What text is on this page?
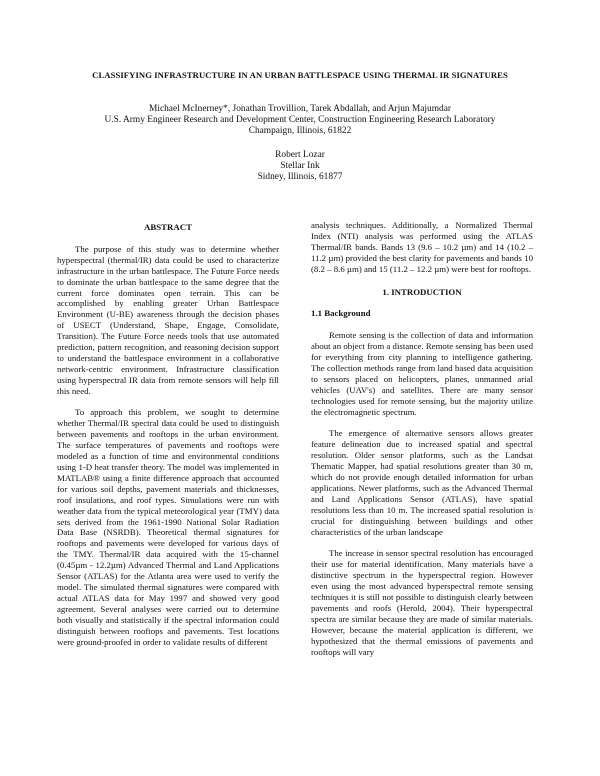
CLASSIFYING INFRASTRUCTURE IN AN URBAN BATTLESPACE USING THERMAL IR SIGNATURES
Michael McInerney*, Jonathan Trovillion, Tarek Abdallah, and Arjun Majumdar
U.S. Army Engineer Research and Development Center, Construction Engineering Research Laboratory
Champaign, Illinois, 61822
Robert Lozar
Stellar Ink
Sidney, Illinois, 61877
ABSTRACT

The purpose of this study was to determine whether hyperspectral (thermal/IR) data could be used to characterize infrastructure in the urban battlespace. The Future Force needs to dominate the urban battlespace to the same degree that the current force dominates open terrain. This can be accomplished by enabling greater Urban Battlespace Environment (U-BE) awareness through the decision phases of USECT (Understand, Shape, Engage, Consolidate, Transition). The Future Force needs tools that use automated prediction, pattern recognition, and reasoning decision support to understand the battlespace environment in a collaborative network-centric environment. Infrastructure classification using hyperspectral IR data from remote sensors will help fill this need.

To approach this problem, we sought to determine whether Thermal/IR spectral data could be used to distinguish between pavements and rooftops in the urban environment. The surface temperatures of pavements and rooftops were modeled as a function of time and environmental conditions using 1-D heat transfer theory. The model was implemented in MATLAB® using a finite difference approach that accounted for various soil depths, pavement materials and thicknesses, roof insulations, and roof types. Simulations were run with weather data from the typical meteorological year (TMY) data sets derived from the 1961-1990 National Solar Radiation Data Base (NSRDB). Theoretical thermal signatures for rooftops and pavements were developed for various days of the TMY. Thermal/IR data acquired with the 15-channel (0.45µm - 12.2µm) Advanced Thermal and Land Applications Sensor (ATLAS) for the Atlanta area were used to verify the model. The simulated thermal signatures were compared with actual ATLAS data for May 1997 and showed very good agreement. Several analyses were carried out to determine both visually and statistically if the spectral information could distinguish between rooftops and pavements. Test locations were ground-proofed in order to validate results of different

analysis techniques. Additionally, a Normalized Thermal Index (NTI) analysis was performed using the ATLAS Thermal/IR bands. Bands 13 (9.6 – 10.2 µm) and 14 (10.2 – 11.2 µm) provided the best clarity for pavements and bands 10 (8.2 – 8.6 µm) and 15 (11.2 – 12.2 µm) were best for rooftops.

1. INTRODUCTION
1.1 Background

Remote sensing is the collection of data and information about an object from a distance. Remote sensing has been used for everything from city planning to intelligence gathering. The collection methods range from land based data acquisition to sensors placed on helicopters, planes, unmanned arial vehicles (UAV's) and satellites. There are many sensor technologies used for remote sensing, but the majority utilize the electromagnetic spectrum.

The emergence of alternative sensors allows greater feature delineation due to increased spatial and spectral resolution. Older sensor platforms, such as the Landsat Thematic Mapper, had spatial resolutions greater than 30 m, which do not provide enough detailed information for urban applications. Newer platforms, such as the Advanced Thermal and Land Applications Sensor (ATLAS), have spatial resolutions less than 10 m. The increased spatial resolution is crucial for distinguishing between buildings and other characteristics of the urban landscape

The increase in sensor spectral resolution has encouraged their use for material identification. Many materials have a distinctive spectrum in the hyperspectral region. However even using the most advanced hyperspectral remote sensing techniques it is still not possible to distinguish clearly between pavements and roofs (Herold, 2004). Their hyperspectral spectra are similar because they are made of similar materials. However, because the material application is different, we hypothesized that the thermal emissions of pavements and rooftops will vary
